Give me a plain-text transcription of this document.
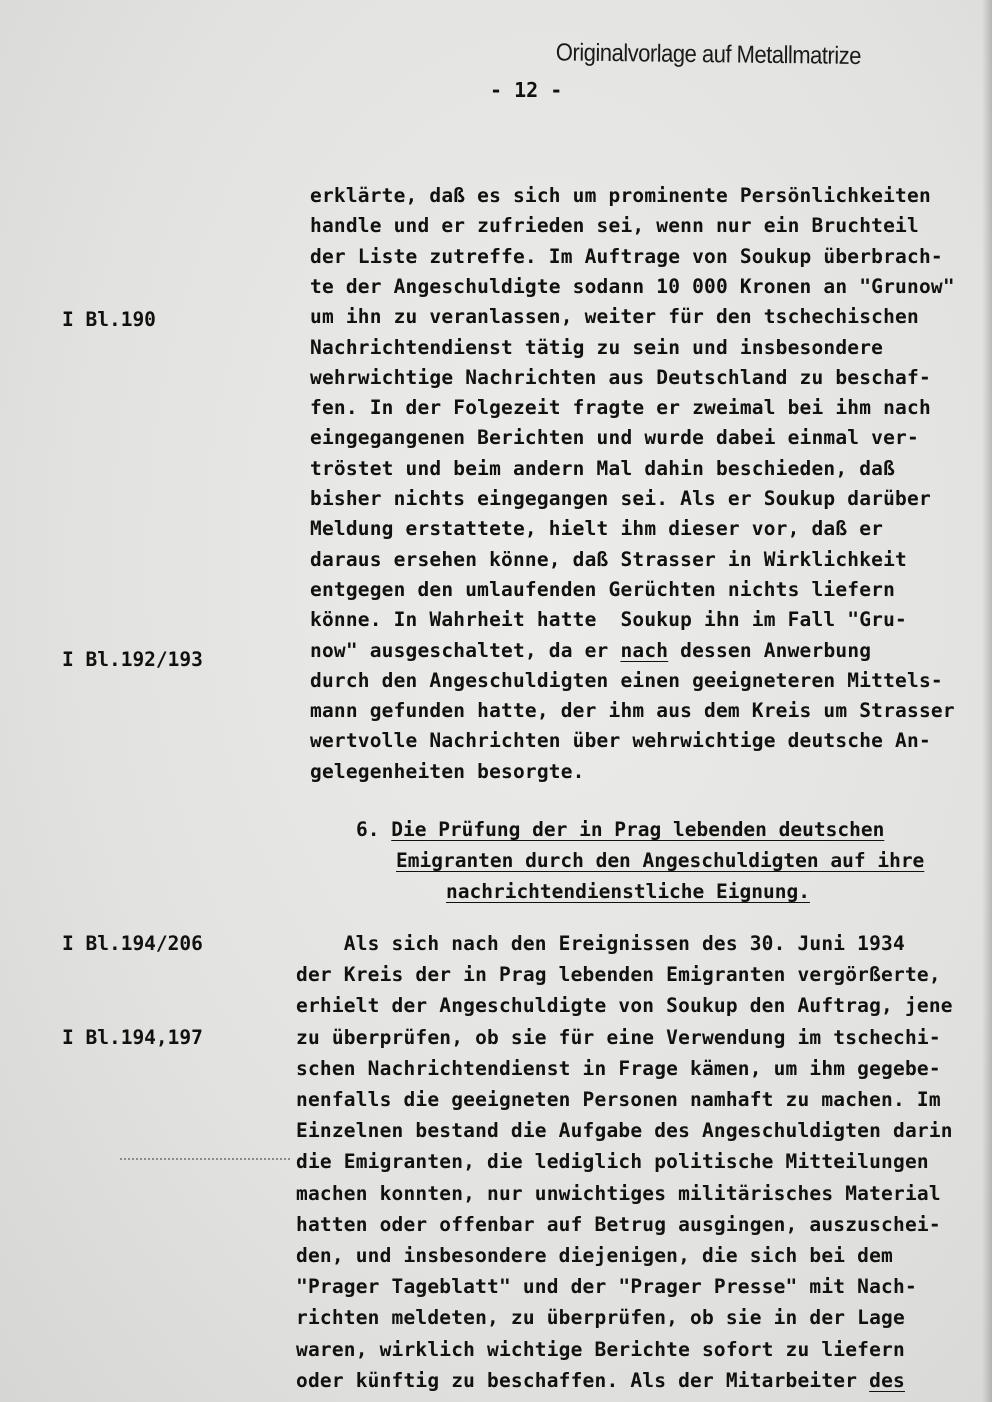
Originalvorlage auf Metallmatrize
- 12 -
I Bl.190
I Bl.192/193
I Bl.194/206
I Bl.194,197
erklärte, daß es sich um prominente Persönlichkeiten
handle und er zufrieden sei, wenn nur ein Bruchteil
der Liste zutreffe. Im Auftrage von Soukup überbrach-
te der Angeschuldigte sodann 10 000 Kronen an "Grunow"
um ihn zu veranlassen, weiter für den tschechischen
Nachrichtendienst tätig zu sein und insbesondere
wehrwichtige Nachrichten aus Deutschland zu beschaf-
fen. In der Folgezeit fragte er zweimal bei ihm nach
eingegangenen Berichten und wurde dabei einmal ver-
tröstet und beim andern Mal dahin beschieden, daß
bisher nichts eingegangen sei. Als er Soukup darüber
Meldung erstattete, hielt ihm dieser vor, daß er
daraus ersehen könne, daß Strasser in Wirklichkeit
entgegen den umlaufenden Gerüchten nichts liefern
könne. In Wahrheit hatte  Soukup ihn im Fall "Gru-
now" ausgeschaltet, da er nach dessen Anwerbung
durch den Angeschuldigten einen geeigneteren Mittels-
mann gefunden hatte, der ihm aus dem Kreis um Strasser
wertvolle Nachrichten über wehrwichtige deutsche An-
gelegenheiten besorgte.
6. Die Prüfung der in Prag lebenden deutschen
Emigranten durch den Angeschuldigten auf ihre
nachrichtendienstliche Eignung.
Als sich nach den Ereignissen des 30. Juni 1934
der Kreis der in Prag lebenden Emigranten vergörßerte,
erhielt der Angeschuldigte von Soukup den Auftrag, jene
zu überprüfen, ob sie für eine Verwendung im tschechi-
schen Nachrichtendienst in Frage kämen, um ihm gegebe-
nenfalls die geeigneten Personen namhaft zu machen. Im
Einzelnen bestand die Aufgabe des Angeschuldigten darin
die Emigranten, die lediglich politische Mitteilungen
machen konnten, nur unwichtiges militärisches Material
hatten oder offenbar auf Betrug ausgingen, auszuschei-
den, und insbesondere diejenigen, die sich bei dem
"Prager Tageblatt" und der "Prager Presse" mit Nach-
richten meldeten, zu überprüfen, ob sie in der Lage
waren, wirklich wichtige Berichte sofort zu liefern
oder künftig zu beschaffen. Als der Mitarbeiter des
